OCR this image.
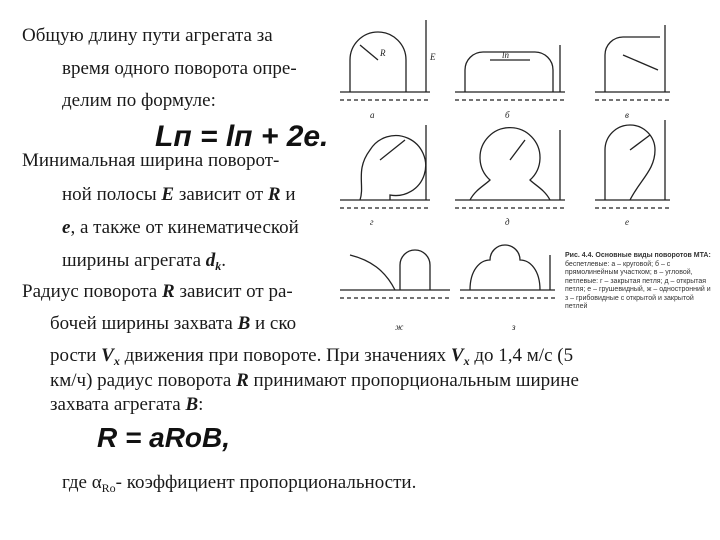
Общую длину пути агрегата за
время одного поворота опре-
делим по формуле:
Lп = lп + 2e.
Минимальная ширина поворот-
ной полосы E зависит от R и
e, а также от кинематической
ширины агрегата $d_k$.
Радиус поворота R зависит от ра-
бочей ширины захвата B и ско
рости $V_x$ движения при повороте. При значениях $V_x$ до 1,4 м/с (5
км/ч) радиус поворота R принимают пропорциональным ширине
захвата агрегата B:
R = aRoB,
где $\alpha_{Ro}-$ коэффициент пропорциональности.
R	E
а
lп
б	в
г	д	е
ж	з
Рис. 4.4. Основные виды поворотов МТА: беспетлевые: а – круговой; б – с прямолинейным участком; в – угловой, петлевые: г – закрытая петля; д – открытая петля; е – грушевидный, ж – одностронний и з – грибовидные с открытой и закрытой петлей
